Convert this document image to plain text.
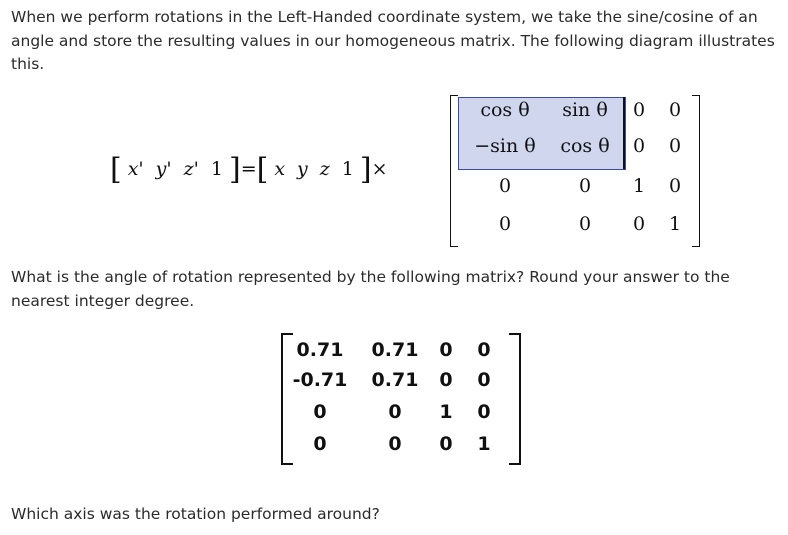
When we perform rotations in the Left-Handed coordinate system, we take the sine/cosine of an angle and store the resulting values in our homogeneous matrix. The following diagram illustrates this.
[ x' y' z' 1 ]=[ x y z 1 ]×
cos θ	sin θ	0 0
−sin θ	cos θ	0 0
0	0	1 0
0	0	0 1
What is the angle of rotation represented by the following matrix? Round your answer to the nearest integer degree.
0.71	0.71	0	0
-0.71	0.71	0	0
0	0	1	0
0	0	0	1
Which axis was the rotation performed around?
